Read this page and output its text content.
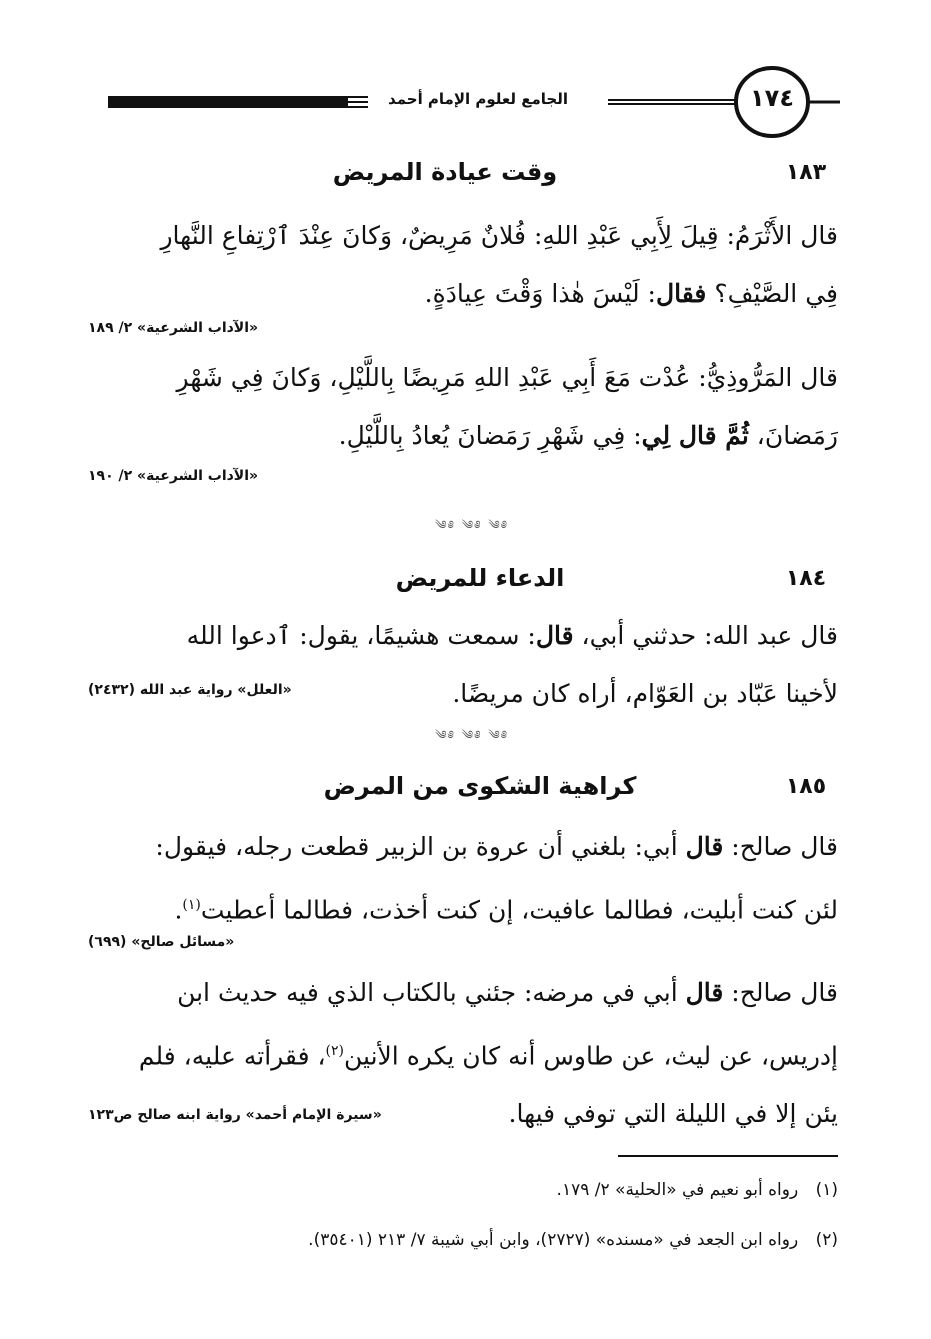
١٧٤
الجامع لعلوم الإمام أحمد
١٨٣
وقت عيادة المريض
قال الأَثْرَمُ: قِيلَ لِأَبِي عَبْدِ اللهِ: فُلانٌ مَرِيضٌ، وَكانَ عِنْدَ ٱرْتِفاعِ النَّهارِ
فِي الصَّيْفِ؟ فقال: لَيْسَ هٰذا وَقْتَ عِيادَةٍ.
«الآداب الشرعية» ٢/ ١٨٩
قال المَرُّوذِيُّ: عُدْت مَعَ أَبِي عَبْدِ اللهِ مَرِيضًا بِاللَّيْلِ، وَكانَ فِي شَهْرِ
رَمَضانَ، ثُمَّ قال لِي: فِي شَهْرِ رَمَضانَ يُعادُ بِاللَّيْلِ.
«الآداب الشرعية» ٢/ ١٩٠
༄༅ ༄༅ ༄༅
١٨٤
الدعاء للمريض
قال عبد الله: حدثني أبي، قال: سمعت هشيمًا، يقول: ٱدعوا الله
لأخينا عَبّاد بن العَوّام، أراه كان مريضًا.
«العلل» رواية عبد الله (٢٤٣٢)
༄༅ ༄༅ ༄༅
١٨٥
كراهية الشكوى من المرض
قال صالح: قال أبي: بلغني أن عروة بن الزبير قطعت رجله، فيقول:
لئن كنت أبليت، فطالما عافيت، إن كنت أخذت، فطالما أعطيت$^{(١)}$.
«مسائل صالح» (٦٩٩)
قال صالح: قال أبي في مرضه: جئني بالكتاب الذي فيه حديث ابن
إدريس، عن ليث، عن طاوس أنه كان يكره الأنين$^{(٢)}$، فقرأته عليه، فلم
يئن إلا في الليلة التي توفي فيها.
«سيرة الإمام أحمد» رواية ابنه صالح ص١٢٣
(١) رواه أبو نعيم في «الحلية» ٢/ ١٧٩.
(٢) رواه ابن الجعد في «مسنده» (٢٧٢٧)، وابن أبي شيبة ٧/ ٢١٣ (٣٥٤٠١).
